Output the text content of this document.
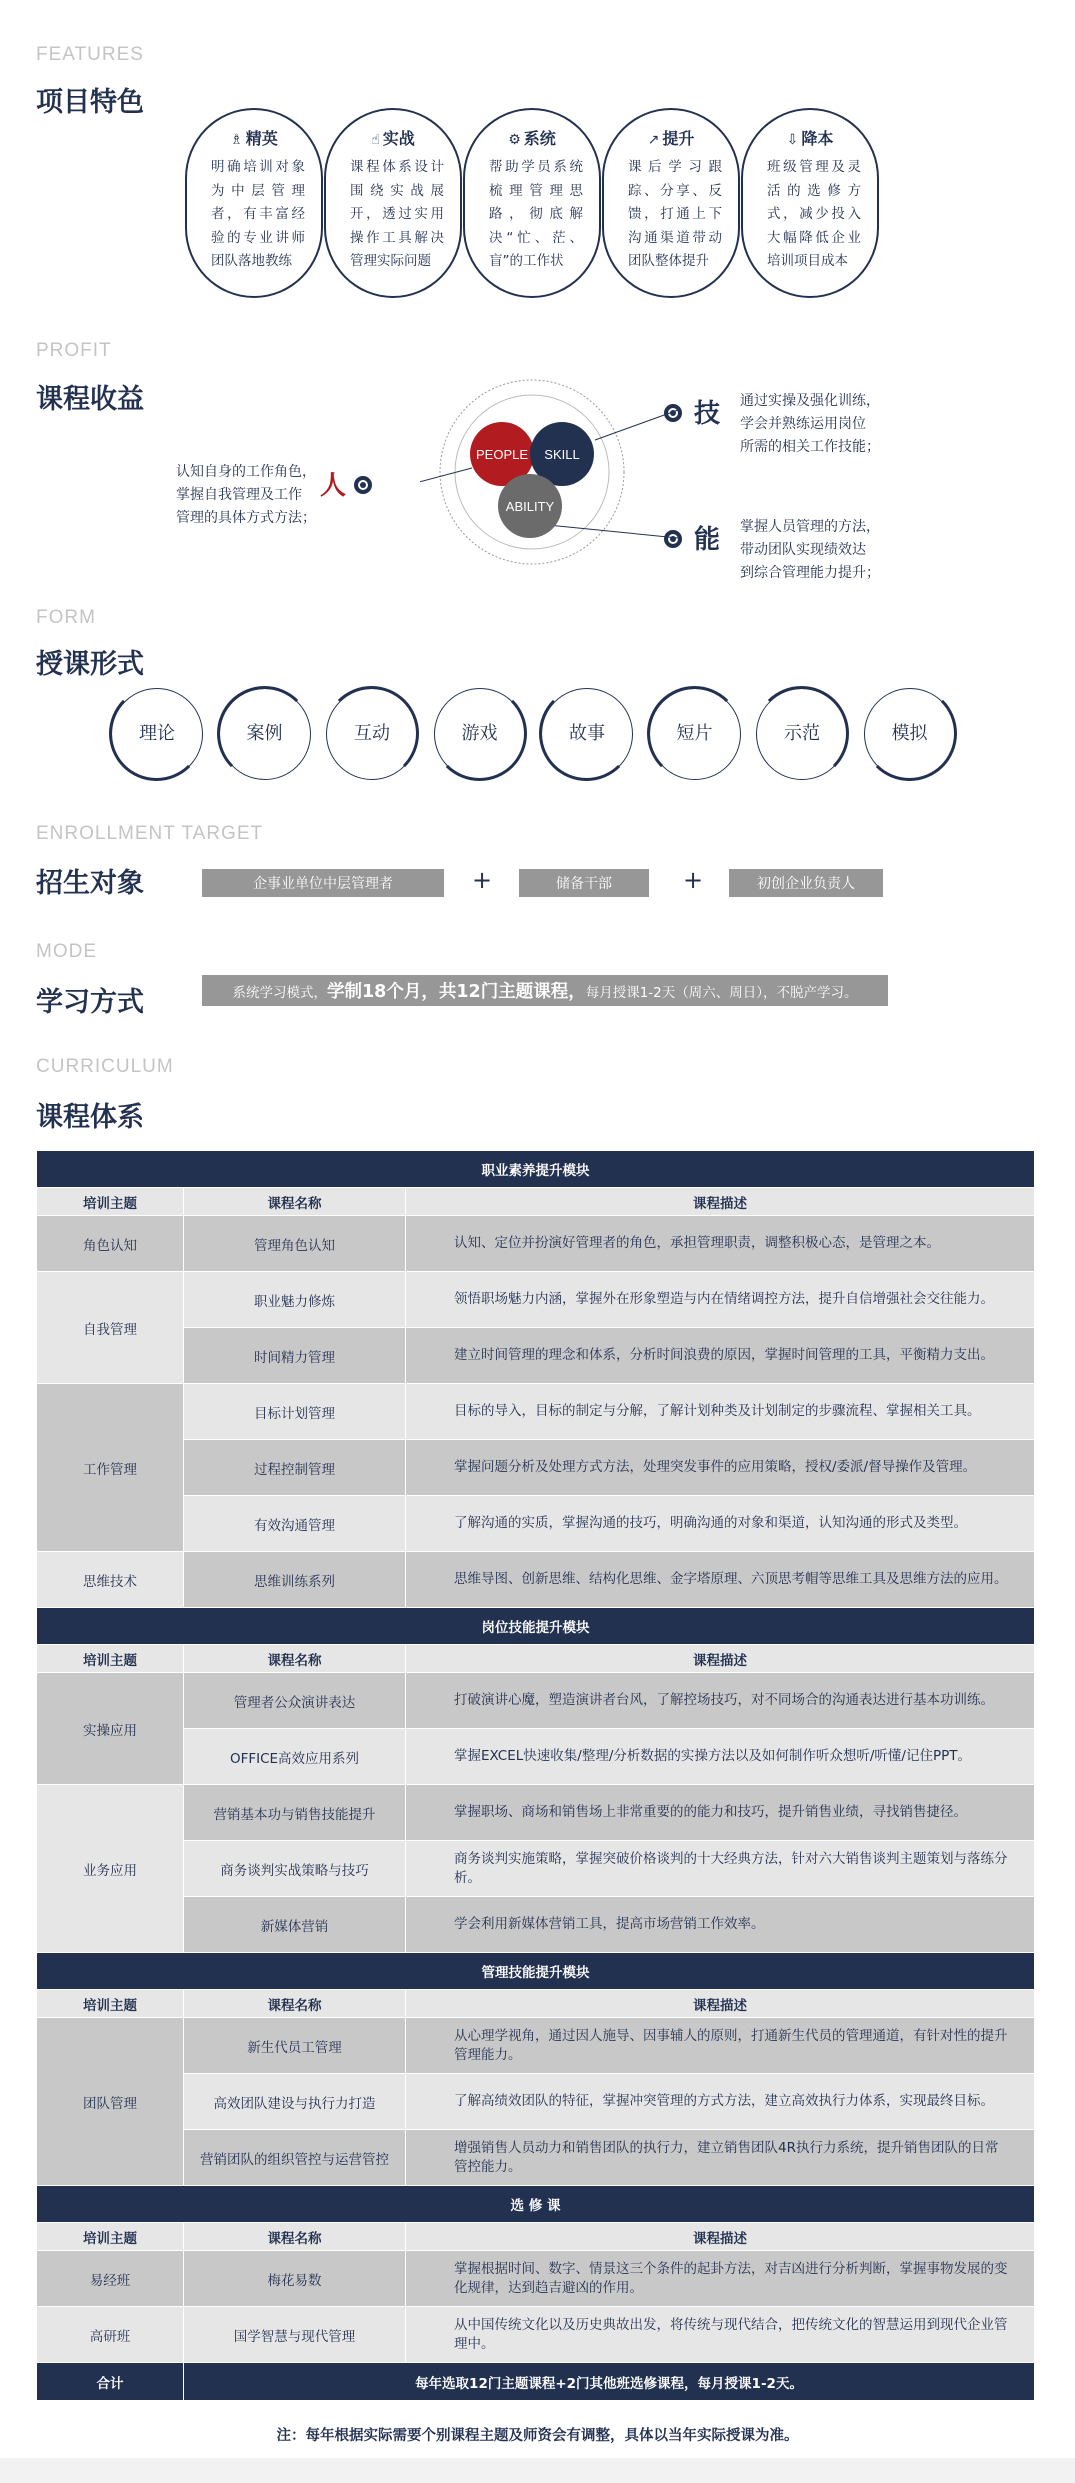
FEATURES
项目特色
♗ 精英
明确培训对象为中层管理者，有丰富经验的专业讲师团队落地教练
☝ 实战
课程体系设计围绕实战展开，透过实用操作工具解决管理实际问题
⚙ 系统
帮助学员系统梳理管理思路，彻底解决“忙、茫、盲”的工作状
↗ 提升
课后学习跟踪、分享、反馈，打通上下沟通渠道带动团队整体提升
⇩ 降本
班级管理及灵活的选修方式，减少投入大幅降低企业培训项目成本
PROFIT
课程收益
PEOPLE SKILL
ABILITY
认知自身的工作角色，
掌握自我管理及工作
管理的具体方式方法；
人
技 通过实操及强化训练，
学会并熟练运用岗位
所需的相关工作技能；
能 掌握人员管理的方法，
带动团队实现绩效达
到综合管理能力提升；
FORM
授课形式
理论	案例	互动	游戏	故事	短片	示范	模拟
ENROLLMENT TARGET
招生对象	企事业单位中层管理者	+	储备干部	+	初创企业负责人
MODE
学习方式	系统学习模式， 学制18个月，共12门主题课程， 每月授课1-2天（周六、周日），不脱产学习。
CURRICULUM
课程体系
职业素养提升模块		
培训主题	课程名称	课程描述
角色认知	管理角色认知	认知、定位并扮演好管理者的角色，承担管理职责，调整积极心态，是管理之本。
自我管理	职业魅力修炼	领悟职场魅力内涵，掌握外在形象塑造与内在情绪调控方法，提升自信增强社会交往能力。
	时间精力管理	建立时间管理的理念和体系，分析时间浪费的原因，掌握时间管理的工具，平衡精力支出。
工作管理	目标计划管理	目标的导入，目标的制定与分解，了解计划种类及计划制定的步骤流程、掌握相关工具。
	过程控制管理	掌握问题分析及处理方式方法，处理突发事件的应用策略，授权/委派/督导操作及管理。
	有效沟通管理	了解沟通的实质，掌握沟通的技巧，明确沟通的对象和渠道，认知沟通的形式及类型。
思维技术	思维训练系列	思维导图、创新思维、结构化思维、金字塔原理、六顶思考帽等思维工具及思维方法的应用。
岗位技能提升模块		
培训主题	课程名称	课程描述
实操应用	管理者公众演讲表达	打破演讲心魔，塑造演讲者台风，了解控场技巧，对不同场合的沟通表达进行基本功训练。
	OFFICE高效应用系列	掌握EXCEL快速收集/整理/分析数据的实操方法以及如何制作听众想听/听懂/记住PPT。
业务应用	营销基本功与销售技能提升	掌握职场、商场和销售场上非常重要的的能力和技巧，提升销售业绩，寻找销售捷径。
	商务谈判实战策略与技巧	商务谈判实施策略，掌握突破价格谈判的十大经典方法，针对六大销售谈判主题策划与落练分析。
	新媒体营销	学会利用新媒体营销工具，提高市场营销工作效率。
管理技能提升模块		
培训主题	课程名称	课程描述
团队管理	新生代员工管理	从心理学视角，通过因人施导、因事辅人的原则，打通新生代员的管理通道，有针对性的提升管理能力。
	高效团队建设与执行力打造	了解高绩效团队的特征，掌握冲突管理的方式方法，建立高效执行力体系，实现最终目标。
	营销团队的组织管控与运营管控	增强销售人员动力和销售团队的执行力，建立销售团队4R执行力系统，提升销售团队的日常管控能力。
选 修 课		
培训主题	课程名称	课程描述
易经班	梅花易数	掌握根据时间、数字、情景这三个条件的起卦方法，对吉凶进行分析判断，掌握事物发展的变化规律，达到趋吉避凶的作用。
高研班	国学智慧与现代管理	从中国传统文化以及历史典故出发，将传统与现代结合，把传统文化的智慧运用到现代企业管理中。
合计	每年选取12门主题课程+2门其他班选修课程，每月授课1-2天。	
注：每年根据实际需要个别课程主题及师资会有调整，具体以当年实际授课为准。
